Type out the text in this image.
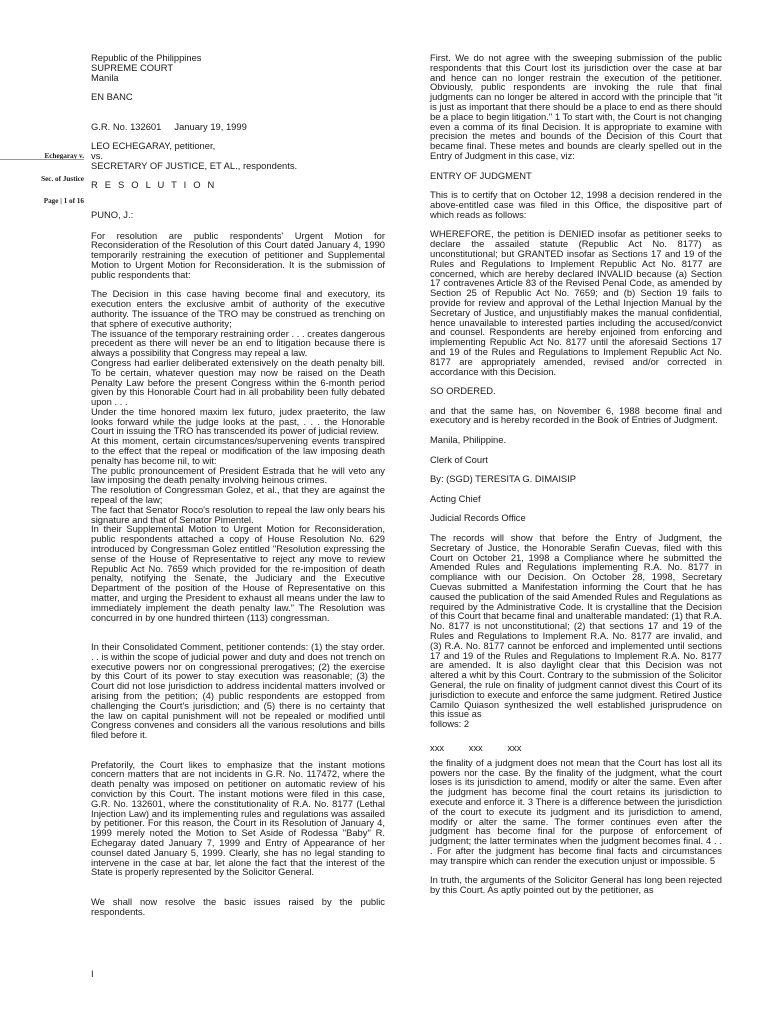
Echegaray v.
Sec. of Justice
Page | 1 of 16
Republic of the Philippines
SUPREME COURT
Manila

EN BANC

G.R. No. 132601     January 19, 1999

LEO ECHEGARAY, petitioner,
vs.
SECRETARY OF JUSTICE, ET AL., respondents.

R E S O L U T I O N

PUNO, J.:

For resolution are public respondents' Urgent Motion for Reconsideration of the Resolution of this Court dated January 4, 1990 temporarily restraining the execution of petitioner and Supplemental Motion to Urgent Motion for Reconsideration. It is the submission of public respondents that:

The Decision in this case having become final and executory, its execution enters the exclusive ambit of authority of the executive authority. The issuance of the TRO may be construed as trenching on that sphere of executive authority;

The issuance of the temporary restraining order . . . creates dangerous precedent as there will never be an end to litigation because there is always a possibility that Congress may repeal a law.

Congress had earlier deliberated extensively on the death penalty bill. To be certain, whatever question may now be raised on the Death Penalty Law before the present Congress within the 6-month period given by this Honorable Court had in all probability been fully debated upon . . .

Under the time honored maxim lex futuro, judex praeterito, the law looks forward while the judge looks at the past, . . . the Honorable Court in issuing the TRO has transcended its power of judicial review.

At this moment, certain circumstances/supervening events transpired to the effect that the repeal or modification of the law imposing death penalty has become nil, to wit:

The public pronouncement of President Estrada that he will veto any law imposing the death penalty involving heinous crimes.

The resolution of Congressman Golez, et al., that they are against the repeal of the law;

The fact that Senator Roco's resolution to repeal the law only bears his signature and that of Senator Pimentel.

In their Supplemental Motion to Urgent Motion for Reconsideration, public respondents attached a copy of House Resolution No. 629 introduced by Congressman Golez entitled "Resolution expressing the sense of the House of Representative to reject any move to review Republic Act No. 7659 which provided for the re-imposition of death penalty, notifying the Senate, the Judiciary and the Executive Department of the position of the House of Representative on this matter, and urging the President to exhaust all means under the law to immediately implement the death penalty law." The Resolution was concurred in by one hundred thirteen (113) congressman.

In their Consolidated Comment, petitioner contends: (1) the stay order. . . is within the scope of judicial power and duty and does not trench on executive powers nor on congressional prerogatives; (2) the exercise by this Court of its power to stay execution was reasonable; (3) the Court did not lose jurisdiction to address incidental matters involved or arising from the petition; (4) public respondents are estopped from challenging the Court's jurisdiction; and (5) there is no certainty that the law on capital punishment will not be repealed or modified until Congress convenes and considers all the various resolutions and bills filed before it.

Prefatorily, the Court likes to emphasize that the instant motions concern matters that are not incidents in G.R. No. 117472, where the death penalty was imposed on petitioner on automatic review of his conviction by this Court. The instant motions were filed in this case, G.R. No. 132601, where the constitutionality of R.A. No. 8177 (Lethal Injection Law) and its implementing rules and regulations was assailed by petitioner. For this reason, the Court in its Resolution of January 4, 1999 merely noted the Motion to Set Aside of Rodessa "Baby" R. Echegaray dated January 7, 1999 and Entry of Appearance of her counsel dated January 5, 1999. Clearly, she has no legal standing to intervene in the case at bar, let alone the fact that the interest of the State is properly represented by the Solicitor General.

We shall now resolve the basic issues raised by the public respondents.

I

First. We do not agree with the sweeping submission of the public respondents that this Court lost its jurisdiction over the case at bar and hence can no longer restrain the execution of the petitioner. Obviously, public respondents are invoking the rule that final judgments can no longer be altered in accord with the principle that "it is just as important that there should be a place to end as there should be a place to begin litigation." 1 To start with, the Court is not changing even a comma of its final Decision. It is appropriate to examine with precision the metes and bounds of the Decision of this Court that became final. These metes and bounds are clearly spelled out in the Entry of Judgment in this case, viz:

ENTRY OF JUDGMENT

This is to certify that on October 12, 1998 a decision rendered in the above-entitled case was filed in this Office, the dispositive part of which reads as follows:

WHEREFORE, the petition is DENIED insofar as petitioner seeks to declare the assailed statute (Republic Act No. 8177) as unconstitutional; but GRANTED insofar as Sections 17 and 19 of the Rules and Regulations to Implement Republic Act No. 8177 are concerned, which are hereby declared INVALID because (a) Section 17 contravenes Article 83 of the Revised Penal Code, as amended by Section 25 of Republic Act No. 7659; and (b) Section 19 fails to provide for review and approval of the Lethal Injection Manual by the Secretary of Justice, and unjustifiably makes the manual confidential, hence unavailable to interested parties including the accused/convict and counsel. Respondents are hereby enjoined from enforcing and implementing Republic Act No. 8177 until the aforesaid Sections 17 and 19 of the Rules and Regulations to Implement Republic Act No. 8177 are appropriately amended, revised and/or corrected in accordance with this Decision.

SO ORDERED.

and that the same has, on November 6, 1988 become final and executory and is hereby recorded in the Book of Entries of Judgment.

Manila, Philippine.

Clerk of Court

By: (SGD) TERESITA G. DIMAISIP

Acting Chief

Judicial Records Office

The records will show that before the Entry of Judgment, the Secretary of Justice, the Honorable Serafin Cuevas, filed with this Court on October 21, 1998 a Compliance where he submitted the Amended Rules and Regulations implementing R.A. No. 8177 in compliance with our Decision. On October 28, 1998, Secretary Cuevas submitted a Manifestation informing the Court that he has caused the publication of the said Amended Rules and Regulations as required by the Administrative Code. It is crystalline that the Decision of this Court that became final and unalterable mandated: (1) that R.A. No. 8177 is not unconstitutional; (2) that sections 17 and 19 of the Rules and Regulations to Implement R.A. No. 8177 are invalid, and (3) R.A. No. 8177 cannot be enforced and implemented until sections 17 and 19 of the Rules and Regulations to Implement R.A. No. 8177 are amended. It is also daylight clear that this Decision was not altered a whit by this Court. Contrary to the submission of the Solicitor General, the rule on finality of judgment cannot divest this Court of its jurisdiction to execute and enforce the same judgment. Retired Justice Camilo Quiason synthesized the well established jurisprudence on this issue as

follows: 2

xxx	xxx	xxx

the finality of a judgment does not mean that the Court has lost all its powers nor the case. By the finality of the judgment, what the court loses is its jurisdiction to amend, modify or alter the same. Even after the judgment has become final the court retains its jurisdiction to execute and enforce it. 3 There is a difference between the jurisdiction of the court to execute its judgment and its jurisdiction to amend, modify or alter the same. The former continues even after the judgment has become final for the purpose of enforcement of judgment; the latter terminates when the judgment becomes final. 4 . . . For after the judgment has become final facts and circumstances may transpire which can render the execution unjust or impossible. 5

In truth, the arguments of the Solicitor General has long been rejected by this Court. As aptly pointed out by the petitioner, as
